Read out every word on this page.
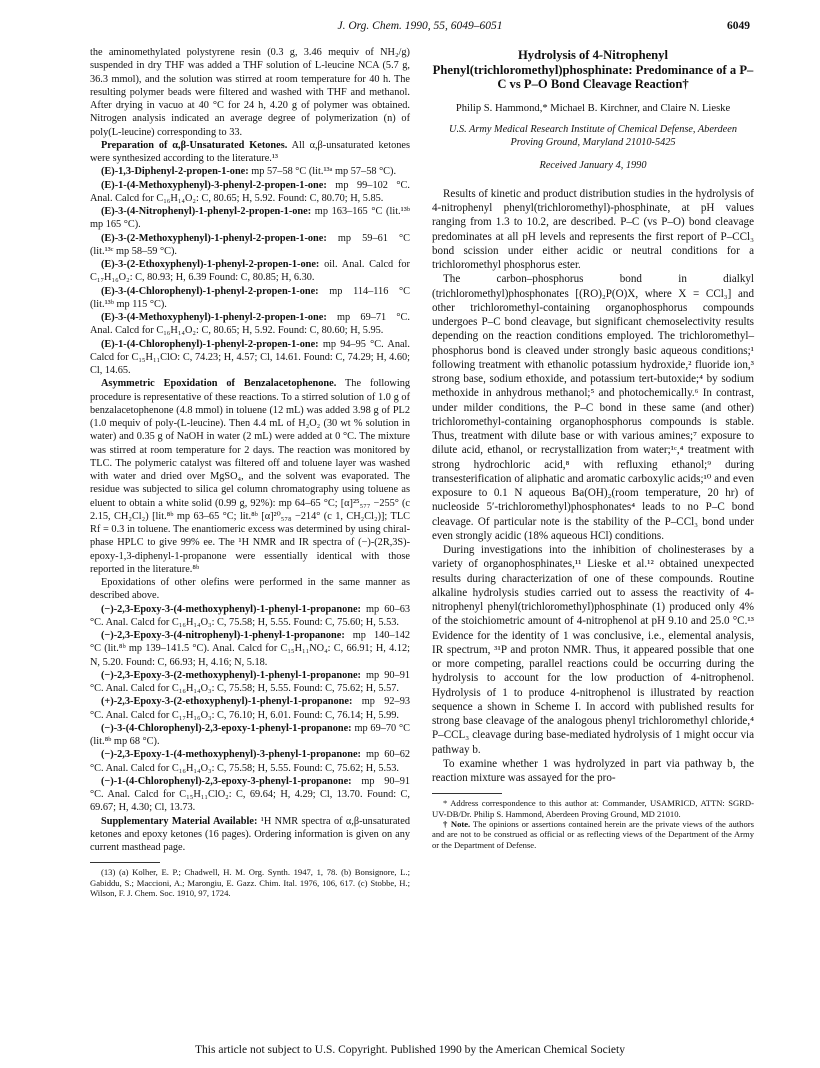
J. Org. Chem. 1990, 55, 6049–6051	6049

the aminomethylated polystyrene resin (0.3 g, 3.46 mequiv of NH₂/g) suspended in dry THF was added a THF solution of L-leucine NCA (5.7 g, 36.3 mmol), and the solution was stirred at room temperature for 40 h. The resulting polymer beads were filtered and washed with THF and methanol. After drying in vacuo at 40 °C for 24 h, 4.20 g of polymer was obtained. Nitrogen analysis indicated an average degree of polymerization (n) of poly(L-leucine) corresponding to 33.

Preparation of α,β-Unsaturated Ketones. All α,β-unsaturated ketones were synthesized according to the literature.¹³

(E)-1,3-Diphenyl-2-propen-1-one: mp 57–58 °C (lit.¹³ᵃ mp 57–58 °C).

(E)-1-(4-Methoxyphenyl)-3-phenyl-2-propen-1-one: mp 99–102 °C. Anal. Calcd for C₁₆H₁₄O₂: C, 80.65; H, 5.92. Found: C, 80.70; H, 5.85.

(E)-3-(4-Nitrophenyl)-1-phenyl-2-propen-1-one: mp 163–165 °C (lit.¹³ᵇ mp 165 °C).

(E)-3-(2-Methoxyphenyl)-1-phenyl-2-propen-1-one: mp 59–61 °C (lit.¹³ᶜ mp 58–59 °C).

(E)-3-(2-Ethoxyphenyl)-1-phenyl-2-propen-1-one: oil. Anal. Calcd for C₁₇H₁₆O₂: C, 80.93; H, 6.39 Found: C, 80.85; H, 6.30.

(E)-3-(4-Chlorophenyl)-1-phenyl-2-propen-1-one: mp 114–116 °C (lit.¹³ᵇ mp 115 °C).

(E)-3-(4-Methoxyphenyl)-1-phenyl-2-propen-1-one: mp 69–71 °C. Anal. Calcd for C₁₆H₁₄O₂: C, 80.65; H, 5.92. Found: C, 80.60; H, 5.95.

(E)-1-(4-Chlorophenyl)-1-phenyl-2-propen-1-one: mp 94–95 °C. Anal. Calcd for C₁₅H₁₁ClO: C, 74.23; H, 4.57; Cl, 14.61. Found: C, 74.29; H, 4.60; Cl, 14.65.

Asymmetric Epoxidation of Benzalacetophenone. The following procedure is representative of these reactions. To a stirred solution of 1.0 g of benzalacetophenone (4.8 mmol) in toluene (12 mL) was added 3.98 g of PL2 (1.0 mequiv of poly-(L-leucine). Then 4.4 mL of H₂O₂ (30 wt % solution in water) and 0.35 g of NaOH in water (2 mL) were added at 0 °C. The mixture was stirred at room temperature for 2 days. The reaction was monitored by TLC. The polymeric catalyst was filtered off and toluene layer was washed with water and dried over MgSO₄, and the solvent was evaporated. The residue was subjected to silica gel column chromatography using toluene as eluent to obtain a white solid (0.99 g, 92%): mp 64–65 °C; [α]²⁵₅₇₇ −255° (c 2.15, CH₂Cl₂) [lit.⁸ᵇ mp 63–65 °C; lit.⁸ᵇ [α]²⁰₅₇₈ −214° (c 1, CH₂Cl₂)]; TLC Rf = 0.3 in toluene. The enantiomeric excess was determined by using chiral-phase HPLC to give 99% ee. The ¹H NMR and IR spectra of (−)-(2R,3S)-epoxy-1,3-diphenyl-1-propanone were essentially identical with those reported in the literature.⁸ᵇ

Epoxidations of other olefins were performed in the same manner as described above.

(−)-2,3-Epoxy-3-(4-methoxyphenyl)-1-phenyl-1-propanone: mp 60–63 °C. Anal. Calcd for C₁₆H₁₄O₃: C, 75.58; H, 5.55. Found: C, 75.60; H, 5.53.

(−)-2,3-Epoxy-3-(4-nitrophenyl)-1-phenyl-1-propanone: mp 140–142 °C (lit.⁸ᵇ mp 139–141.5 °C). Anal. Calcd for C₁₅H₁₁NO₄: C, 66.91; H, 4.12; N, 5.20. Found: C, 66.93; H, 4.16; N, 5.18.

(−)-2,3-Epoxy-3-(2-methoxyphenyl)-1-phenyl-1-propanone: mp 90–91 °C. Anal. Calcd for C₁₆H₁₄O₃: C, 75.58; H, 5.55. Found: C, 75.62; H, 5.57.

(+)-2,3-Epoxy-3-(2-ethoxyphenyl)-1-phenyl-1-propanone: mp 92–93 °C. Anal. Calcd for C₁₇H₁₆O₃: C, 76.10; H, 6.01. Found: C, 76.14; H, 5.99.

(−)-3-(4-Chlorophenyl)-2,3-epoxy-1-phenyl-1-propanone: mp 69–70 °C (lit.⁸ᵇ mp 68 °C).

(−)-2,3-Epoxy-1-(4-methoxyphenyl)-3-phenyl-1-propanone: mp 60–62 °C. Anal. Calcd for C₁₆H₁₄O₃: C, 75.58; H, 5.55. Found: C, 75.62; H, 5.53.

(−)-1-(4-Chlorophenyl)-2,3-epoxy-3-phenyl-1-propanone: mp 90–91 °C. Anal. Calcd for C₁₅H₁₁ClO₂: C, 69.64; H, 4.29; Cl, 13.70. Found: C, 69.67; H, 4.30; Cl, 13.73.

Supplementary Material Available: ¹H NMR spectra of α,β-unsaturated ketones and epoxy ketones (16 pages). Ordering information is given on any current masthead page.

(13) (a) Kolher, E. P.; Chadwell, H. M. Org. Synth. 1947, 1, 78. (b) Bonsignore, L.; Gabiddu, S.; Maccioni, A.; Marongiu, E. Gazz. Chim. Ital. 1976, 106, 617. (c) Stobbe, H.; Wilson, F. J. Chem. Soc. 1910, 97, 1724.

Hydrolysis of 4-Nitrophenyl Phenyl(trichloromethyl)phosphinate: Predominance of a P–C vs P–O Bond Cleavage Reaction†
Philip S. Hammond,* Michael B. Kirchner, and Claire N. Lieske
U.S. Army Medical Research Institute of Chemical Defense, Aberdeen Proving Ground, Maryland 21010-5425
Received January 4, 1990

Results of kinetic and product distribution studies in the hydrolysis of 4-nitrophenyl phenyl(trichloromethyl)-phosphinate, at pH values ranging from 1.3 to 10.2, are described. P–C (vs P–O) bond cleavage predominates at all pH levels and represents the first report of P–CCl₃ bond scission under either acidic or neutral conditions for a trichloromethyl phosphorus ester.

The carbon–phosphorus bond in dialkyl (trichloromethyl)phosphonates [(RO)₂P(O)X, where X = CCl₃] and other trichloromethyl-containing organophosphorus compounds undergoes P–C bond cleavage, but significant chemoselectivity results depending on the reaction conditions employed. The trichloromethyl–phosphorus bond is cleaved under strongly basic aqueous conditions;¹ following treatment with ethanolic potassium hydroxide,² fluoride ion,³ strong base, sodium ethoxide, and potassium tert-butoxide;⁴ by sodium methoxide in anhydrous methanol;⁵ and photochemically.⁶ In contrast, under milder conditions, the P–C bond in these same (and other) trichloromethyl-containing organophosphorus compounds is stable. Thus, treatment with dilute base or with various amines;⁷ exposure to dilute acid, ethanol, or recrystallization from water;¹ᶜ,⁴ treatment with strong hydrochloric acid,⁸ with refluxing ethanol;⁹ during transesterification of aliphatic and aromatic carboxylic acids;¹⁰ and even exposure to 0.1 N aqueous Ba(OH)₂(room temperature, 20 hr) of nucleoside 5′-trichloromethyl)phosphonates⁴ leads to no P–C bond cleavage. Of particular note is the stability of the P–CCl₃ bond under even strongly acidic (18% aqueous HCl) conditions.

During investigations into the inhibition of cholinesterases by a variety of organophosphinates,¹¹ Lieske et al.¹² obtained unexpected results during characterization of one of these compounds. Routine alkaline hydrolysis studies carried out to assess the reactivity of 4-nitrophenyl phenyl(trichloromethyl)phosphinate (1) produced only 4% of the stoichiometric amount of 4-nitrophenol at pH 9.10 and 25.0 °C.¹³ Evidence for the identity of 1 was conclusive, i.e., elemental analysis, IR spectrum, ³¹P and proton NMR. Thus, it appeared possible that one or more competing, parallel reactions could be occurring during the hydrolysis to account for the low production of 4-nitrophenol. Hydrolysis of 1 to produce 4-nitrophenol is illustrated by reaction sequence a shown in Scheme I. In accord with published results for strong base cleavage of the analogous phenyl trichloromethyl chloride,⁴ P–CCL₃ cleavage during base-mediated hydrolysis of 1 might occur via pathway b.

To examine whether 1 was hydrolyzed in part via pathway b, the reaction mixture was assayed for the pro-

* Address correspondence to this author at: Commander, USAMRICD, ATTN: SGRD-UV-DB/Dr. Philip S. Hammond, Aberdeen Proving Ground, MD 21010.

† Note. The opinions or assertions contained herein are the private views of the authors and are not to be construed as official or as reflecting views of the Department of the Army or the Department of Defense.

This article not subject to U.S. Copyright. Published 1990 by the American Chemical Society
